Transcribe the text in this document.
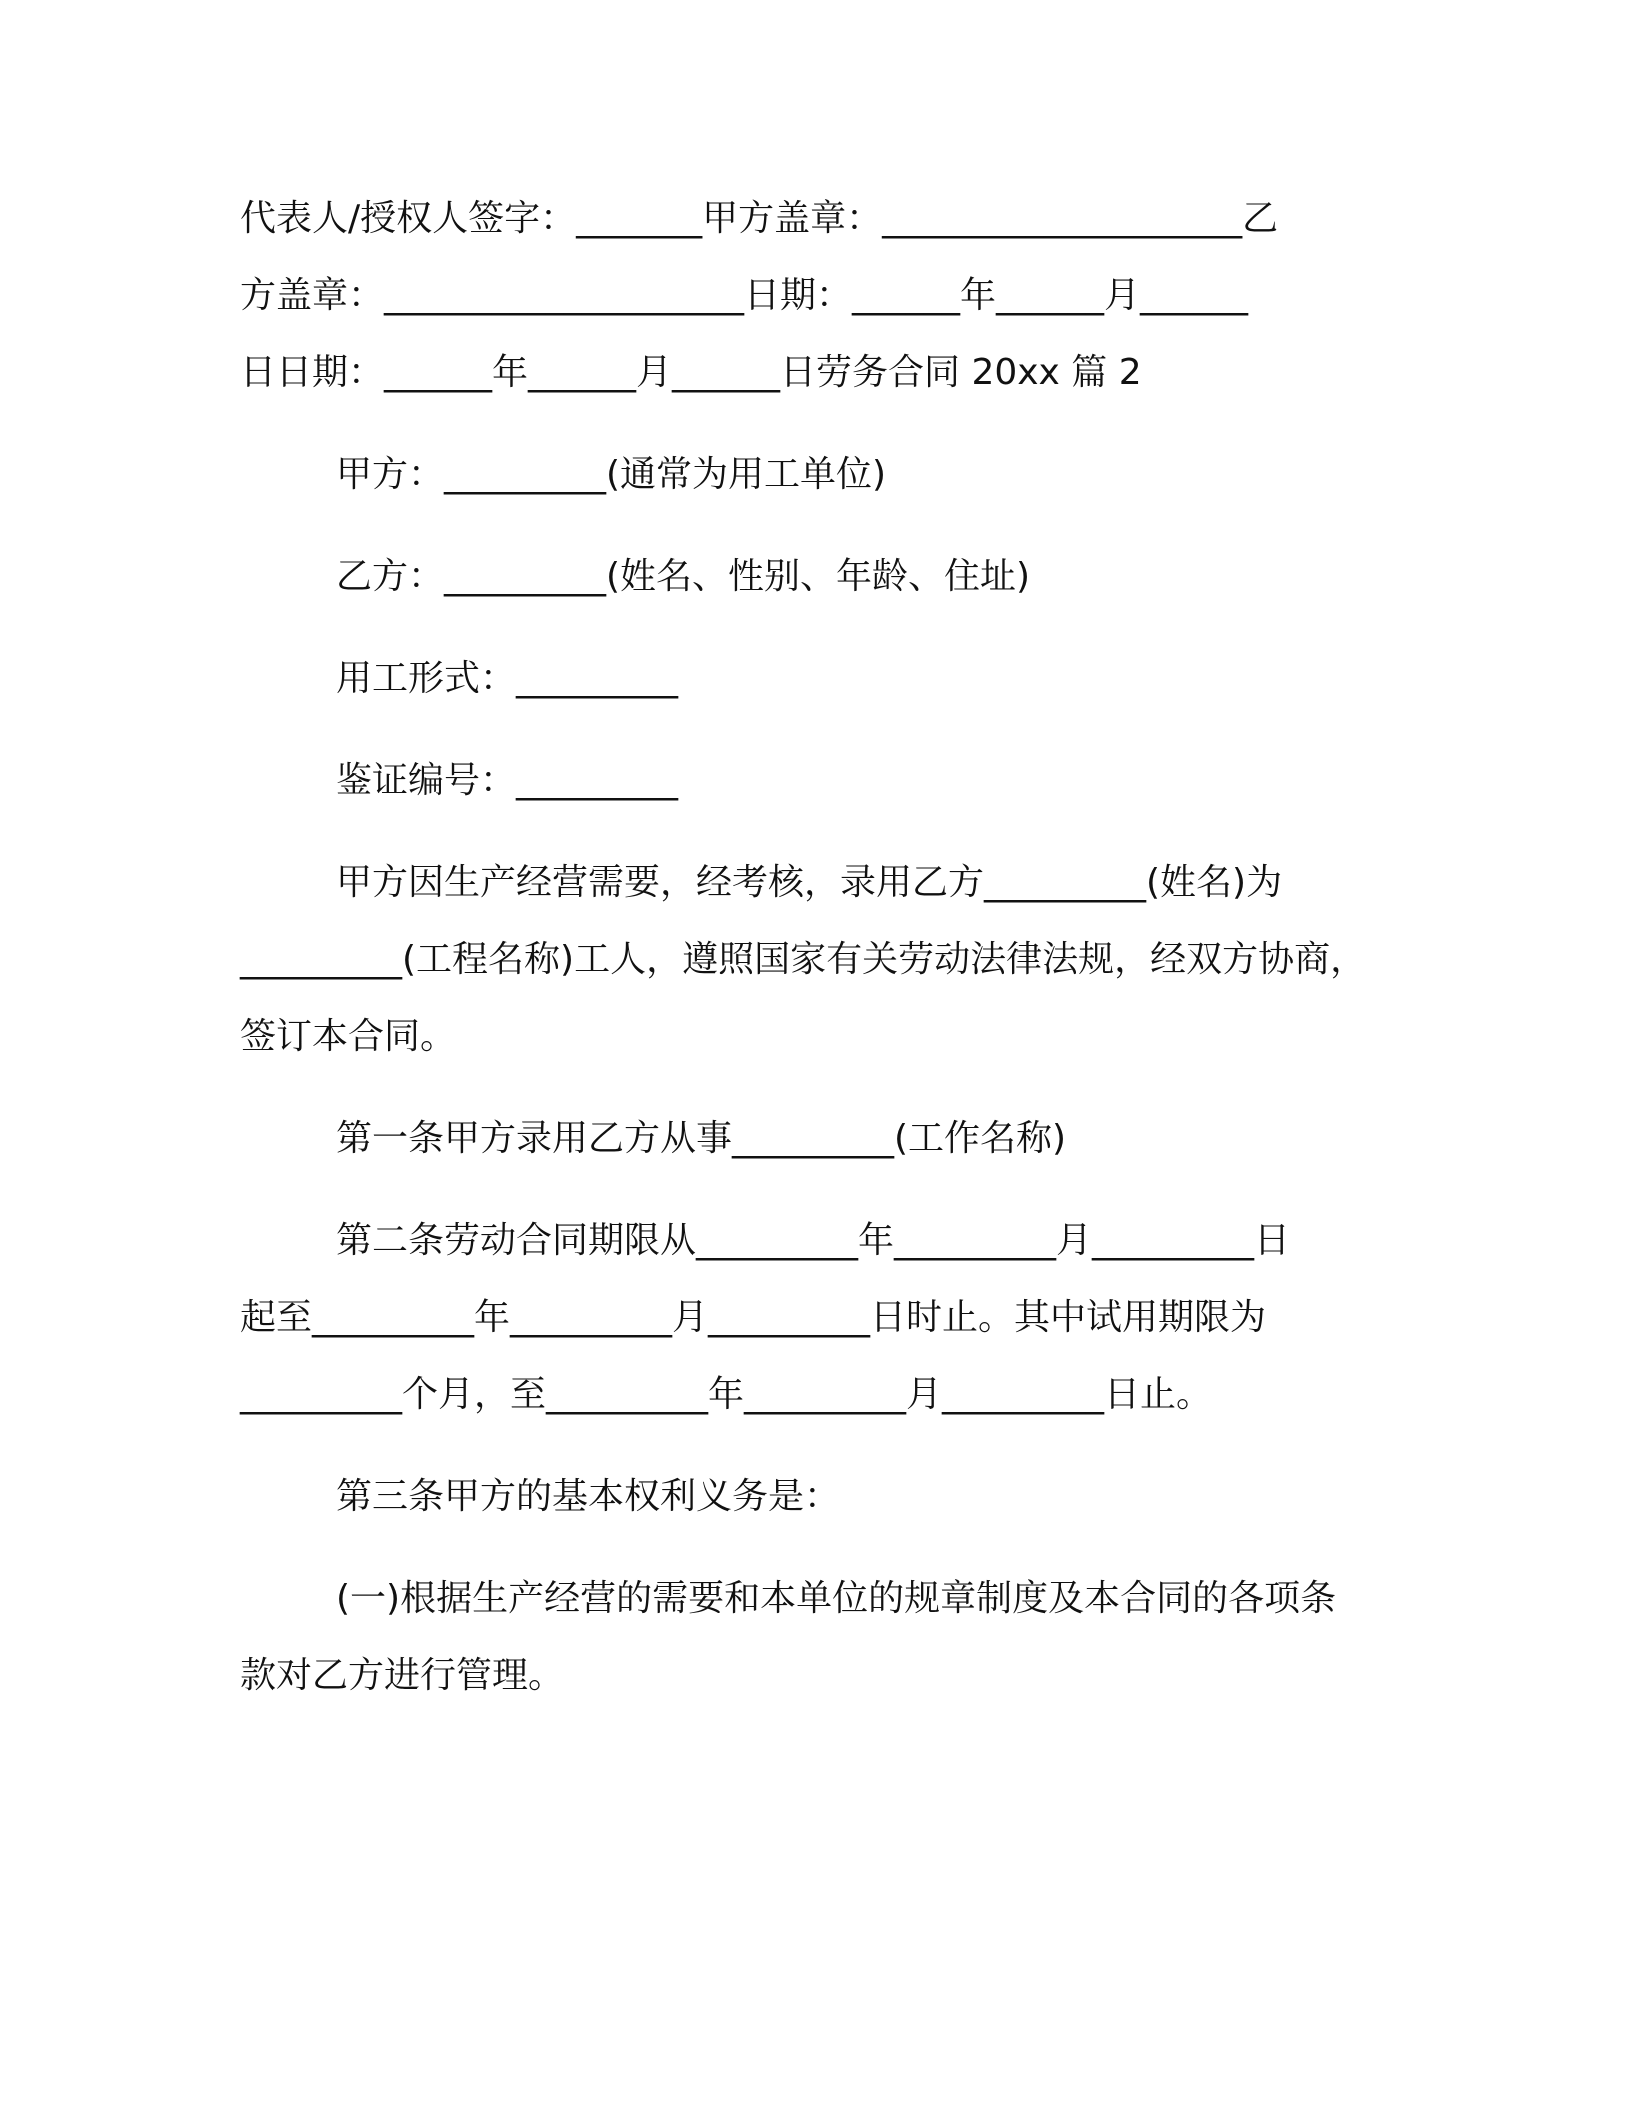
代表人/授权人签字：_______甲方盖章：____________________乙
方盖章：____________________日期：______年______月______
日日期：______年______月______日劳务合同 20xx 篇 2

甲方：_________(通常为用工单位)

乙方：_________(姓名、性别、年龄、住址)

用工形式：_________

鉴证编号：_________

甲方因生产经营需要，经考核，录用乙方_________(姓名)为
_________(工程名称)工人，遵照国家有关劳动法律法规，经双方协商，
签订本合同。

第一条甲方录用乙方从事_________(工作名称)

第二条劳动合同期限从_________年_________月_________日
起至_________年_________月_________日时止。其中试用期限为
_________个月，至_________年_________月_________日止。

第三条甲方的基本权利义务是：

(一)根据生产经营的需要和本单位的规章制度及本合同的各项条
款对乙方进行管理。
